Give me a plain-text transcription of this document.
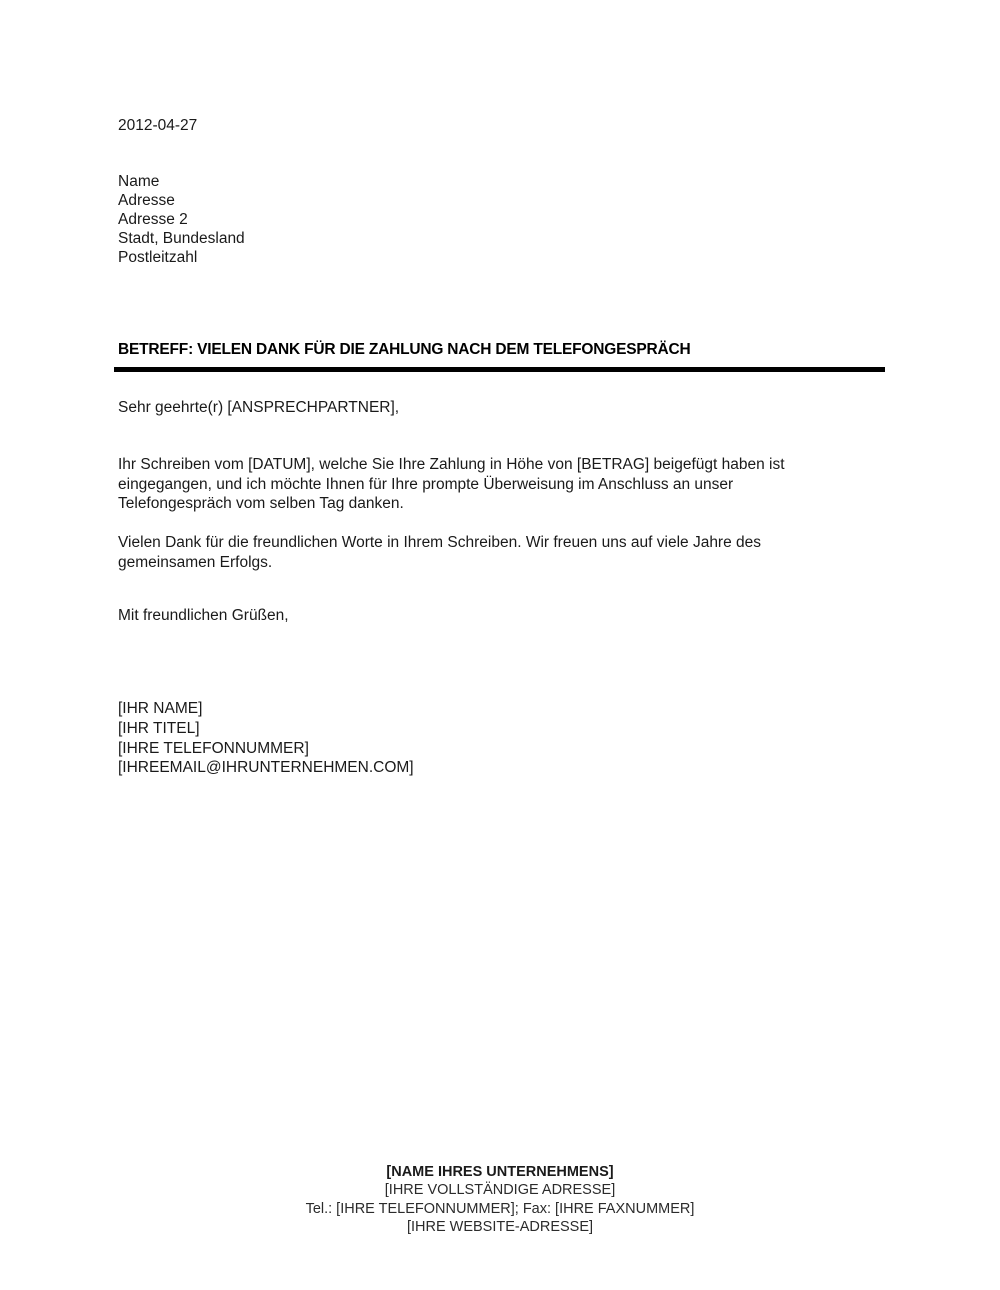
2012-04-27
Name
Adresse
Adresse 2
Stadt, Bundesland
Postleitzahl
BETREFF: VIELEN DANK FÜR DIE ZAHLUNG NACH DEM TELEFONGESPRÄCH
Sehr geehrte(r) [ANSPRECHPARTNER],
Ihr Schreiben vom [DATUM], welche Sie Ihre Zahlung in Höhe von [BETRAG] beigefügt haben ist
eingegangen, und ich möchte Ihnen für Ihre prompte Überweisung im Anschluss an unser
Telefongespräch vom selben Tag danken.
Vielen Dank für die freundlichen Worte in Ihrem Schreiben. Wir freuen uns auf viele Jahre des
gemeinsamen Erfolgs.
Mit freundlichen Grüßen,
[IHR NAME]
[IHR TITEL]
[IHRE TELEFONNUMMER]
[IHREEMAIL@IHRUNTERNEHMEN.COM]
[NAME IHRES UNTERNEHMENS]
[IHRE VOLLSTÄNDIGE ADRESSE]
Tel.: [IHRE TELEFONNUMMER]; Fax: [IHRE FAXNUMMER]
[IHRE WEBSITE-ADRESSE]
